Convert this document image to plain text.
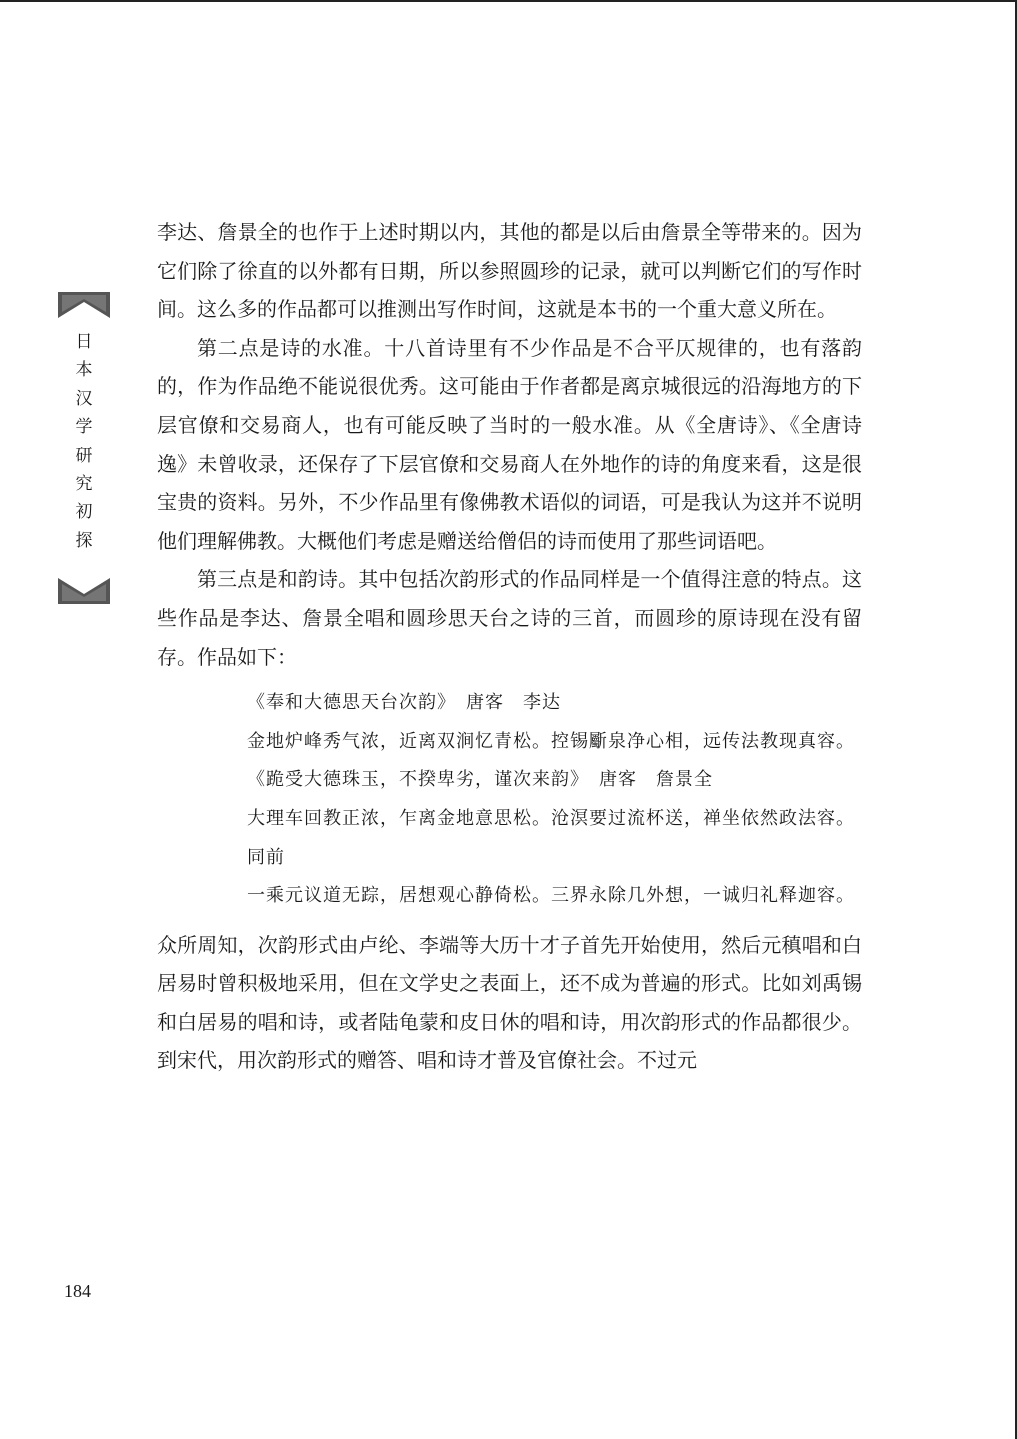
日
本
汉
学
研
究
初
探

李达、詹景全的也作于上述时期以内，其他的都是以后由詹景全等带来的。因为它们除了徐直的以外都有日期，所以参照圆珍的记录，就可以判断它们的写作时间。这么多的作品都可以推测出写作时间，这就是本书的一个重大意义所在。

第二点是诗的水准。十八首诗里有不少作品是不合平仄规律的，也有落韵的，作为作品绝不能说很优秀。这可能由于作者都是离京城很远的沿海地方的下层官僚和交易商人，也有可能反映了当时的一般水准。从《全唐诗》、《全唐诗逸》未曾收录，还保存了下层官僚和交易商人在外地作的诗的角度来看，这是很宝贵的资料。另外，不少作品里有像佛教术语似的词语，可是我认为这并不说明他们理解佛教。大概他们考虑是赠送给僧侣的诗而使用了那些词语吧。

第三点是和韵诗。其中包括次韵形式的作品同样是一个值得注意的特点。这些作品是李达、詹景全唱和圆珍思天台之诗的三首，而圆珍的原诗现在没有留存。作品如下：

《奉和大德思天台次韵》　唐客　李达

金地炉峰秀气浓，近离双涧忆青松。控锡斸泉净心相，远传法教现真容。

《跪受大德珠玉，不揆卑劣，谨次来韵》　唐客　詹景全

大理车回教正浓，乍离金地意思松。沧溟要过流杯送，禅坐依然政法容。

同前

一乘元议道无踪，居想观心静倚松。三界永除几外想，一诚归礼释迦容。

众所周知，次韵形式由卢纶、李端等大历十才子首先开始使用，然后元稹唱和白居易时曾积极地采用，但在文学史之表面上，还不成为普遍的形式。比如刘禹锡和白居易的唱和诗，或者陆龟蒙和皮日休的唱和诗，用次韵形式的作品都很少。到宋代，用次韵形式的赠答、唱和诗才普及官僚社会。不过元

184
